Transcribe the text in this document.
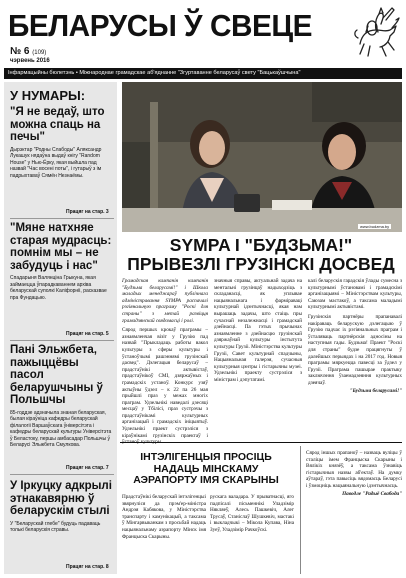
БЕЛАРУСЫ Ў СВЕЦЕ
№ 6 (109)
чэрвень 2016
Інфармацыйны бюлетэнь • Міжнароднае грамадскае аб'яднанне "Згуртаванне беларусаў свету "Бацькаўшчына"
У НУМАРЫ:
"Я не ведаў, што можна спаць на печы"

Дырэктар "Родны Слабоды" Аляксандр Лукашук нядаўна выдаў кнігу "Random House" у Нью-Ёрку, якая выйшла пад назвай "Час восені поты", і гутарыў з ім падрыхтаваў Сямён Незнаёмы.

Працяг на стар. 3
"Мяне натхняе старая мудрасць: помнім мы – не забудуць і нас"

Спадарыня Валянціна Грыкуна, якая займаецца ўпарадкаваннем архіва беларускай суполкі Каліфорніі, расказвае пра Фундацыю.

Працяг на стар. 5
Пані Эльжбета, пажыццёвы пасол беларушчыны ў Польшчы

85-годдзе адзначыла знаная беларуская, былая кіраўніца кафедры беларускай філалогіі Варшаўскага ўніверсітэта і кафедры беларускай культуры Універсітэта ў Беластоку, першы амбасадар Польшчы ў Беларусі Эльжбета Смулкова.

Працяг на стар. 7
У Іркуцку адкрылі этнакавярню ў беларускім стылі

У "Беларускай глебе" будуць падаваць толькі беларускія стравы.

Працяг на стар. 8
www.budzma.by
SYMPA І "БУДЗЬМА!"
ПРЫВЕЗЛІ ГРУЗІНСКІ ДОСВЕД
Грамадская кампанія кампанія "Будзьма беларусамі!" і Школа маладых менеджараў публічнага адміністравання SYMPA распачалі рэгіянальную праграму "Роскі для страны" з метай развіцця грамадзянскай свядомасці і ролі.
Сярод першых крокаў праграмы – азнаямленчая візіт у Грузію пад назвай "Прыкладаць работы вакол культуры з сферы культуры і ўстаноўчымі рашэннямі грузінскай дасвед". Дэлегацыя беларусаў – прадстаўнікі актывістаў, прадстаўнікоў СМІ, дзяржаўных і грамадскіх устаноў. Конкурс узяў актыўны ўдзел – к 22 па 26 мая прыйшлі праз у межах многіх праграм. Удзельнікі наведалі дзесяці месцаў у Тбілісі, праз сустрэчы з прадстаўнікамі культурных арганізацый і грамадскіх ініцыятыў. Удзельнікі праект сустрэліся з кіраўнікамі грузінскіх праектаў і ўстаноў культуры.
значныя справы, актуальнай задача на ментальні грузінцаў надыходзіць з складанасці, як уплывае нацыянальнага і фарміраваці культурнай ідэнтычнасці, якая нам вырашаць задачы, што стаіць пры сучаснай незалежнасці і грамадскай дзейнасці. Па гэтых прычынах азнаямленне з дзейнасцю грузінскай дзяржаўнай культуры інстытута культуры Грузіі. Міністэрства культуры Грузіі, Савет культурнай спадчыны, Нацыянальная галерэя, сучасныя культурныя цэнтры і гістарычны музеі. Удзельнікі праекту сустрэліся з міністрам і дэпутатамі.
калі беларускія гарадскія ўлады сумесна з культурнымі ўстановамі і грамадскімі арганізацыямі – Міністэрствам культуры, Саюзам мастакоў, а таксама маладымі культурнымі актывістамі.
Грузінскія партнёры прапанавалі накіраваць беларускую дэлегацыю ў Грузію падчас іх рэгіянальных праграм і ўсталяваць партнёрскія адносіны на наступныя гады. Будзьма! Праект "Роскі для страны" будзе працягнуты ў далейшых перыядах і на 2017 год. Новыя праграмы мяркуецца павесці за ўдзел у Грузіі. Праграма пашырае практыку заключэння ўзаемадзеяння культурных дзеячаў.
"Будзьма беларусамі!"
ІНТЭЛІГЕНЦЫЯ ПРОСІЦЬ НАДАЦЬ МІНСКАМУ АЭРАПОРТУ ІМЯ СКАРЫНЫ
Прадстаўнікі беларускай інтэлігенцыі звярнуліся да прэм'ер-міністра Андрэя Кабякова, у Міністэрства транспарту і камунікацый, а таксама ў Мінгарвыканкам з просьбай надаць нацыянальнаму аэрапорту Мінск імя Францыска Скарыны.
рускага валадара. У прыватнасці, яго падпісалі пісьменнікі Уладзімір Някляеў, Алесь Пашкевіч, Алег Трусаў, Станіслаў Шушкевіч, мастакі і выкладчыкі – Мікола Купава, Ніна Зуеў, Уладзімір Рачкоўскі.
Сярод іншых прапаноў – назваць вуліцы ў сталіцы імем Францыска Скарыны і Вялікіх князёў, а таксама ўзнавіць гістарычныя назвы аб'ектаў. На думку аўтараў, гэта павысіць вядомасць Беларусі і ўзмоцніць нацыянальную ідэнтычнасць.
Паводле "Радыё Свабода"
